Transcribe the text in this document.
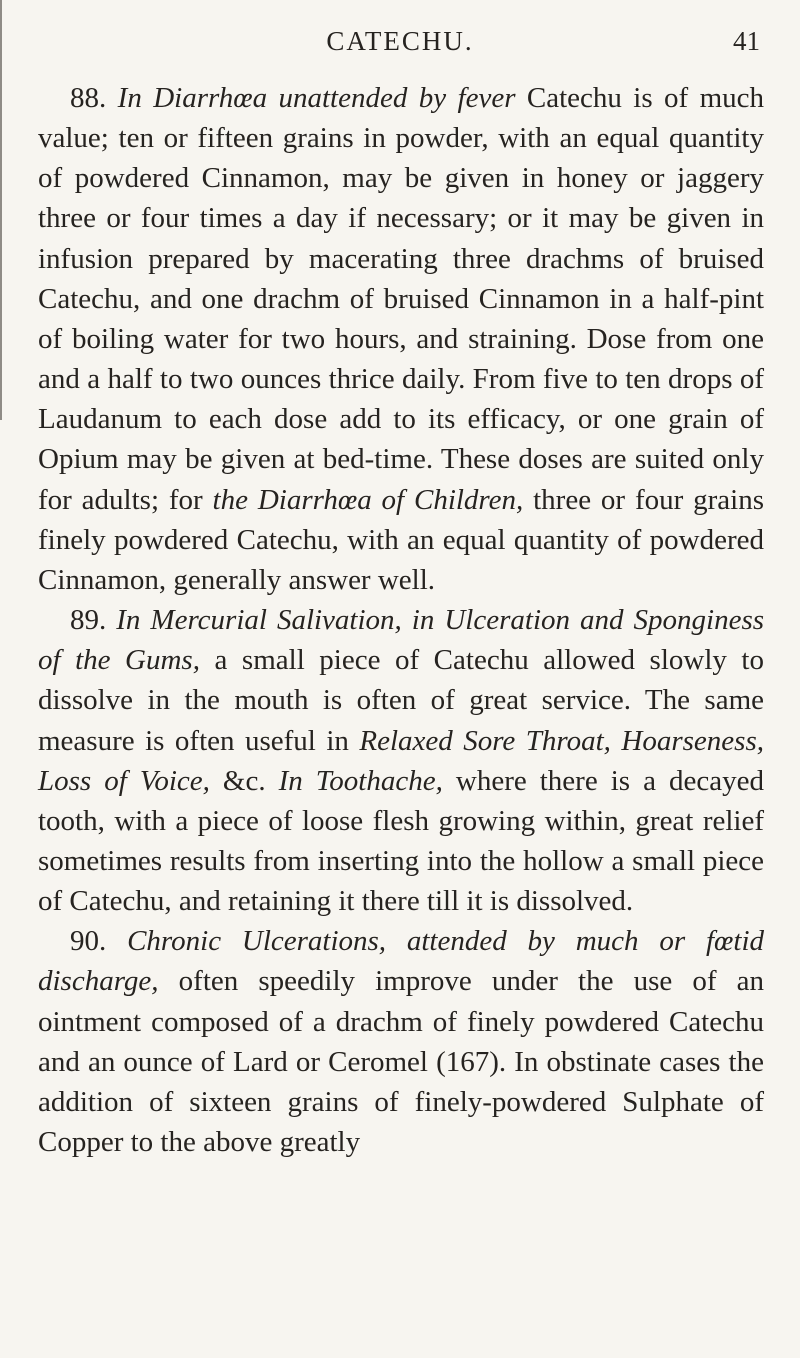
CATECHU.	41

88. In Diarrhœa unattended by fever Catechu is of much value; ten or fifteen grains in powder, with an equal quantity of powdered Cinnamon, may be given in honey or jaggery three or four times a day if necessary; or it may be given in infusion prepared by macerating three drachms of bruised Catechu, and one drachm of bruised Cinnamon in a half-pint of boiling water for two hours, and straining. Dose from one and a half to two ounces thrice daily. From five to ten drops of Laudanum to each dose add to its efficacy, or one grain of Opium may be given at bed-time. These doses are suited only for adults; for the Diarrhœa of Children, three or four grains finely powdered Catechu, with an equal quantity of powdered Cinnamon, generally answer well.

89. In Mercurial Salivation, in Ulceration and Sponginess of the Gums, a small piece of Catechu allowed slowly to dissolve in the mouth is often of great service. The same measure is often useful in Relaxed Sore Throat, Hoarseness, Loss of Voice, &c. In Toothache, where there is a decayed tooth, with a piece of loose flesh growing within, great relief sometimes results from inserting into the hollow a small piece of Catechu, and retaining it there till it is dissolved.

90. Chronic Ulcerations, attended by much or fœtid discharge, often speedily improve under the use of an ointment composed of a drachm of finely powdered Catechu and an ounce of Lard or Ceromel (167). In obstinate cases the addition of sixteen grains of finely-powdered Sulphate of Copper to the above greatly
